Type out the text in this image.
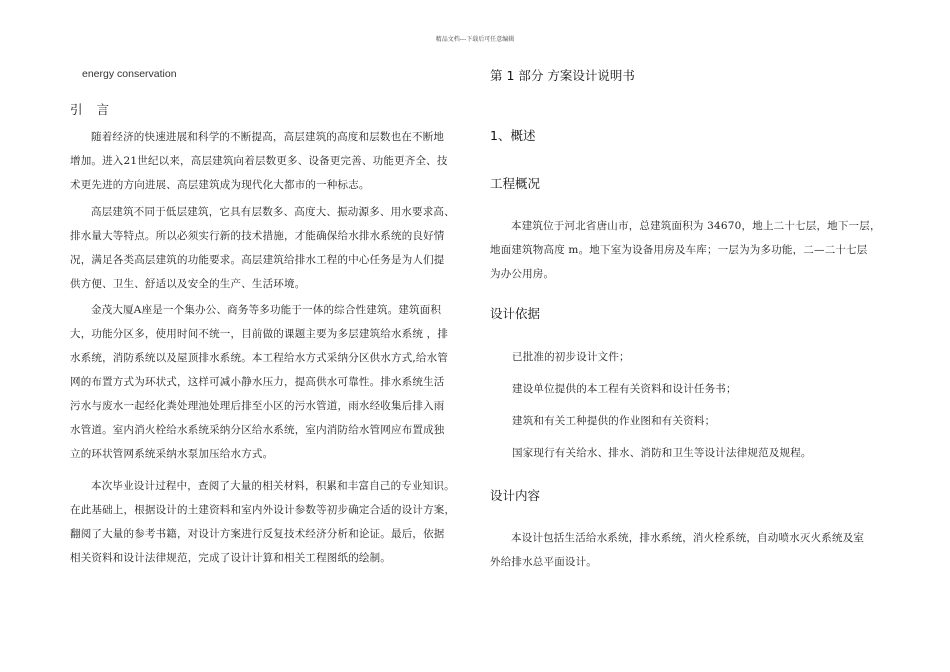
精品文档---下载后可任意编辑
energy conservation
引言
随着经济的快速进展和科学的不断提高，高层建筑的高度和层数也在不断地
增加。进入21世纪以来，高层建筑向着层数更多、设备更完善、功能更齐全、技
术更先进的方向进展、高层建筑成为现代化大都市的一种标志。
高层建筑不同于低层建筑，它具有层数多、高度大、振动源多、用水要求高、
排水量大等特点。所以必须实行新的技术措施，才能确保给水排水系统的良好情
况，满足各类高层建筑的功能要求。高层建筑给排水工程的中心任务是为人们提
供方便、卫生、舒适以及安全的生产、生活环境。
金茂大厦A座是一个集办公、商务等多功能于一体的综合性建筑。建筑面积
大，功能分区多，使用时间不统一，目前做的课题主要为多层建筑给水系统 ，排
水系统，消防系统以及屋顶排水系统。本工程给水方式采纳分区供水方式,给水管
网的布置方式为环状式，这样可减小静水压力，提高供水可靠性。排水系统生活
污水与废水一起经化粪处理池处理后排至小区的污水管道，雨水经收集后排入雨
水管道。室内消火栓给水系统采纳分区给水系统，室内消防给水管网应布置成独
立的环状管网系统采纳水泵加压给水方式。
本次毕业设计过程中，查阅了大量的相关材料，积累和丰富自己的专业知识。
在此基础上，根据设计的土建资料和室内外设计参数等初步确定合适的设计方案，
翻阅了大量的参考书籍，对设计方案进行反复技术经济分析和论证。最后，依据
相关资料和设计法律规范，完成了设计计算和相关工程图纸的绘制。
第 1 部分 方案设计说明书
1、概述
工程概况
本建筑位于河北省唐山市，总建筑面积为 34670，地上二十七层，地下一层，
地面建筑物高度 m。地下室为设备用房及车库；一层为为多功能，二—二十七层
为办公用房。
设计依据
已批准的初步设计文件；
建设单位提供的本工程有关资料和设计任务书；
建筑和有关工种提供的作业图和有关资料；
国家现行有关给水、排水、消防和卫生等设计法律规范及规程。
设计内容
本设计包括生活给水系统，排水系统，消火栓系统，自动喷水灭火系统及室
外给排水总平面设计。
